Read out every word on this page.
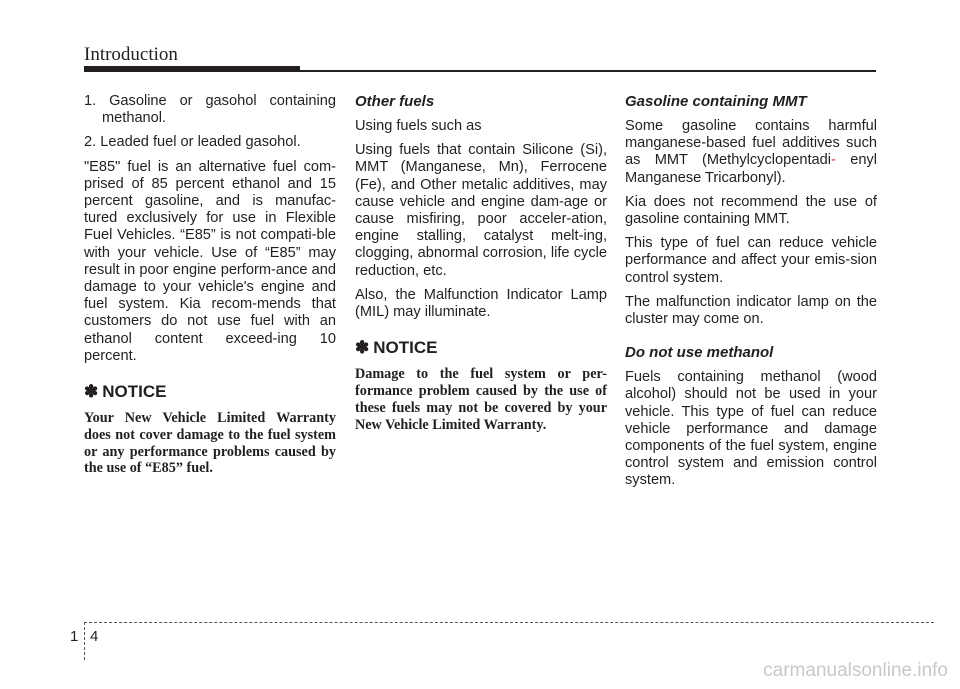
Introduction

1. Gasoline or gasohol containing methanol.

2. Leaded fuel or leaded gasohol.

"E85" fuel is an alternative fuel com-prised of 85 percent ethanol and 15 percent gasoline, and is manufac-tured exclusively for use in Flexible Fuel Vehicles. “E85” is not compati-ble with your vehicle. Use of “E85” may result in poor engine perform-ance and damage to your vehicle's engine and fuel system. Kia recom-mends that customers do not use fuel with an ethanol content exceed-ing 10 percent.

✽ NOTICE

Your New Vehicle Limited Warranty does not cover damage to the fuel system or any performance problems caused by the use of “E85” fuel.

Other fuels

Using fuels such as

Using fuels that contain Silicone (Si), MMT (Manganese, Mn), Ferrocene (Fe), and Other metalic additives, may cause vehicle and engine dam-age or cause misfiring, poor acceler-ation, engine stalling, catalyst melt-ing, clogging, abnormal corrosion, life cycle reduction, etc.

Also, the Malfunction Indicator Lamp (MIL) may illuminate.

✽ NOTICE

Damage to the fuel system or per-formance problem caused by the use of these fuels may not be covered by your New Vehicle Limited Warranty.

Gasoline containing MMT

Some gasoline contains harmful manganese-based fuel additives such as MMT (Methylcyclopentadi- enyl Manganese Tricarbonyl).

Kia does not recommend the use of gasoline containing MMT.

This type of fuel can reduce vehicle performance and affect your emis-sion control system.

The malfunction indicator lamp on the cluster may come on.

Do not use methanol

Fuels containing methanol (wood alcohol) should not be used in your vehicle. This type of fuel can reduce vehicle performance and damage components of the fuel system, engine control system and emission control system.

1 4
carmanualsonline.info
